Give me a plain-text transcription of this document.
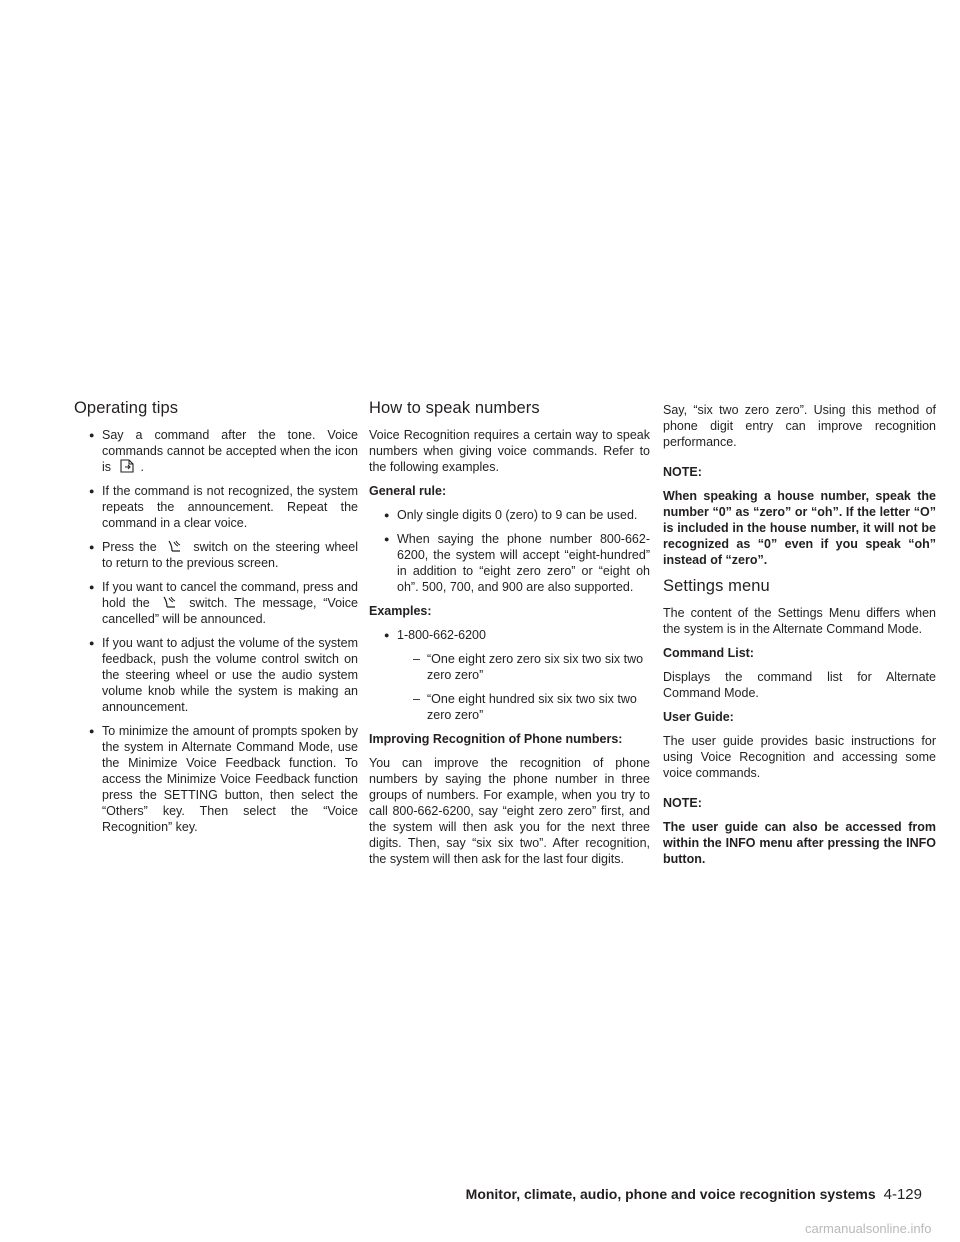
Operating tips
● Say a command after the tone. Voice commands cannot be accepted when the icon is .
● If the command is not recognized, the system repeats the announcement. Repeat the command in a clear voice.
● Press the	switch on the steering wheel to return to the previous screen.
● If you want to cancel the command, press and hold the	switch. The message, “Voice cancelled” will be announced.
● If you want to adjust the volume of the system feedback, push the volume control switch on the steering wheel or use the audio system volume knob while the system is making an announcement.
● To minimize the amount of prompts spoken by the system in Alternate Command Mode, use the Minimize Voice Feedback function. To access the Minimize Voice Feedback function press the SETTING button, then select the “Others” key. Then select the “Voice Recognition” key.
How to speak numbers

Voice Recognition requires a certain way to speak numbers when giving voice commands. Refer to the following examples.

General rule:

● Only single digits 0 (zero) to 9 can be used.
● When saying the phone number 800-662-6200, the system will accept “eight-hundred” in addition to “eight zero zero” or “eight oh oh”. 500, 700, and 900 are also supported.

Examples:

● 1-800-662-6200
– “One eight zero zero six six two six two zero zero”
– “One eight hundred six six two six two zero zero”

Improving Recognition of Phone numbers:

You can improve the recognition of phone numbers by saying the phone number in three groups of numbers. For example, when you try to call 800-662-6200, say “eight zero zero” first, and the system will then ask you for the next three digits. Then, say “six six two”. After recognition, the system will then ask for the last four digits.

Say, “six two zero zero”. Using this method of phone digit entry can improve recognition performance.

NOTE:

When speaking a house number, speak the number “0” as “zero” or “oh”. If the letter “O” is included in the house number, it will not be recognized as “0” even if you speak “oh” instead of “zero”.

Settings menu

The content of the Settings Menu differs when the system is in the Alternate Command Mode.

Command List:

Displays the command list for Alternate Command Mode.

User Guide:

The user guide provides basic instructions for using Voice Recognition and accessing some voice commands.

NOTE:

The user guide can also be accessed from within the INFO menu after pressing the INFO button.

Monitor, climate, audio, phone and voice recognition systems 4-129
carmanualsonline.info
